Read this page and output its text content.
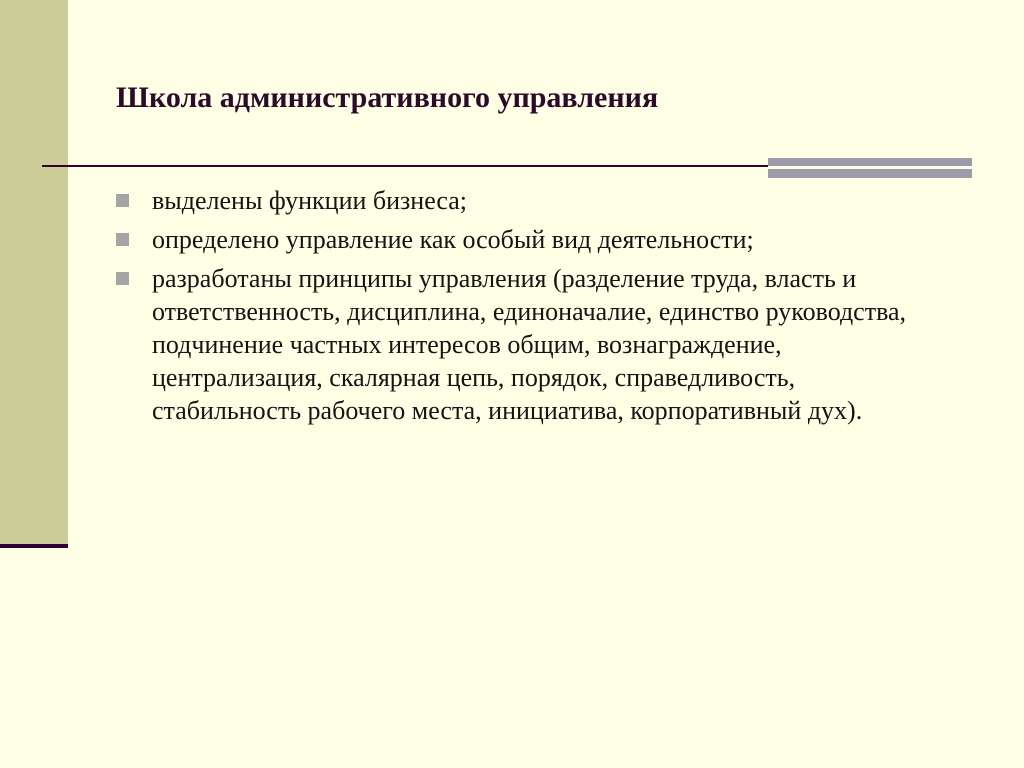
Школа административного управления
выделены функции бизнеса;
определено управление как особый вид деятельности;
разработаны принципы управления (разделение труда, власть и ответственность, дисциплина, единоначалие, единство руководства, подчинение частных интересов общим, вознаграждение, централизация, скалярная цепь, порядок, справедливость, стабильность рабочего места, инициатива, корпоративный дух).
